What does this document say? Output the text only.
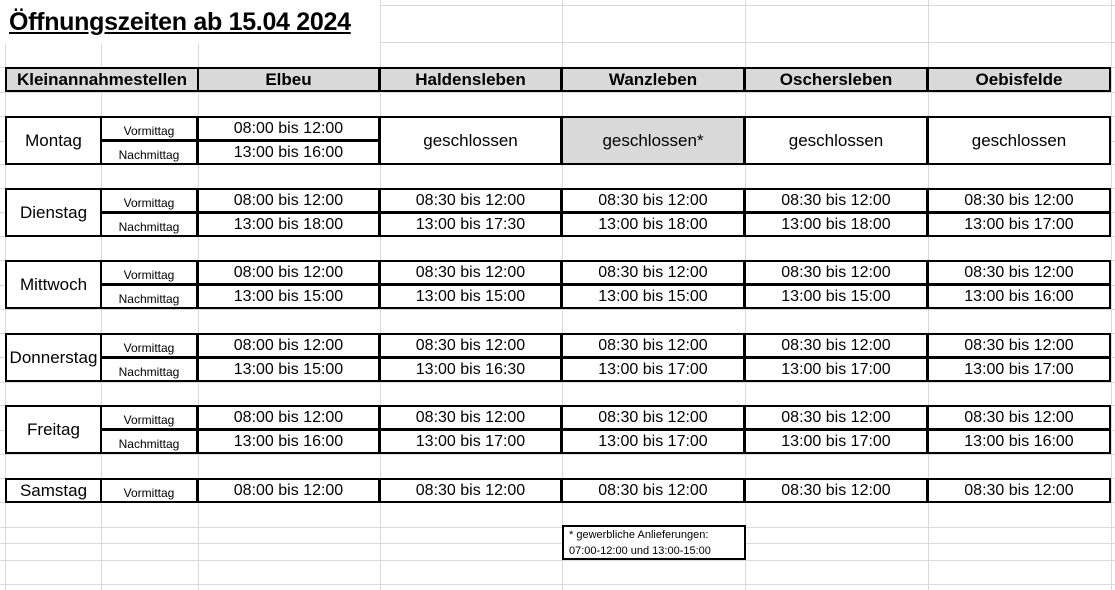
Öffnungszeiten ab 15.04 2024
Kleinannahmestellen	Elbeu	Haldensleben	Wanzleben	Oschersleben	Oebisfelde
Montag	Vormittag	08:00 bis 12:00
Nachmittag	13:00 bis 16:00
geschlossen	geschlossen*	geschlossen	geschlossen
Dienstag	Vormittag	08:00 bis 12:00	08:30 bis 12:00	08:30 bis 12:00	08:30 bis 12:00	08:30 bis 12:00
Nachmittag	13:00 bis 18:00	13:00 bis 17:30	13:00 bis 18:00	13:00 bis 18:00	13:00 bis 17:00
Mittwoch	Vormittag	08:00 bis 12:00	08:30 bis 12:00	08:30 bis 12:00	08:30 bis 12:00	08:30 bis 12:00
Nachmittag	13:00 bis 15:00	13:00 bis 15:00	13:00 bis 15:00	13:00 bis 15:00	13:00 bis 16:00
Donnerstag	Vormittag	08:00 bis 12:00	08:30 bis 12:00	08:30 bis 12:00	08:30 bis 12:00	08:30 bis 12:00
Nachmittag	13:00 bis 15:00	13:00 bis 16:30	13:00 bis 17:00	13:00 bis 17:00	13:00 bis 17:00
Freitag	Vormittag	08:00 bis 12:00	08:30 bis 12:00	08:30 bis 12:00	08:30 bis 12:00	08:30 bis 12:00
Nachmittag	13:00 bis 16:00	13:00 bis 17:00	13:00 bis 17:00	13:00 bis 17:00	13:00 bis 16:00
Samstag	Vormittag	08:00 bis 12:00	08:30 bis 12:00	08:30 bis 12:00	08:30 bis 12:00	08:30 bis 12:00
* gewerbliche Anlieferungen:
07:00-12:00 und 13:00-15:00
